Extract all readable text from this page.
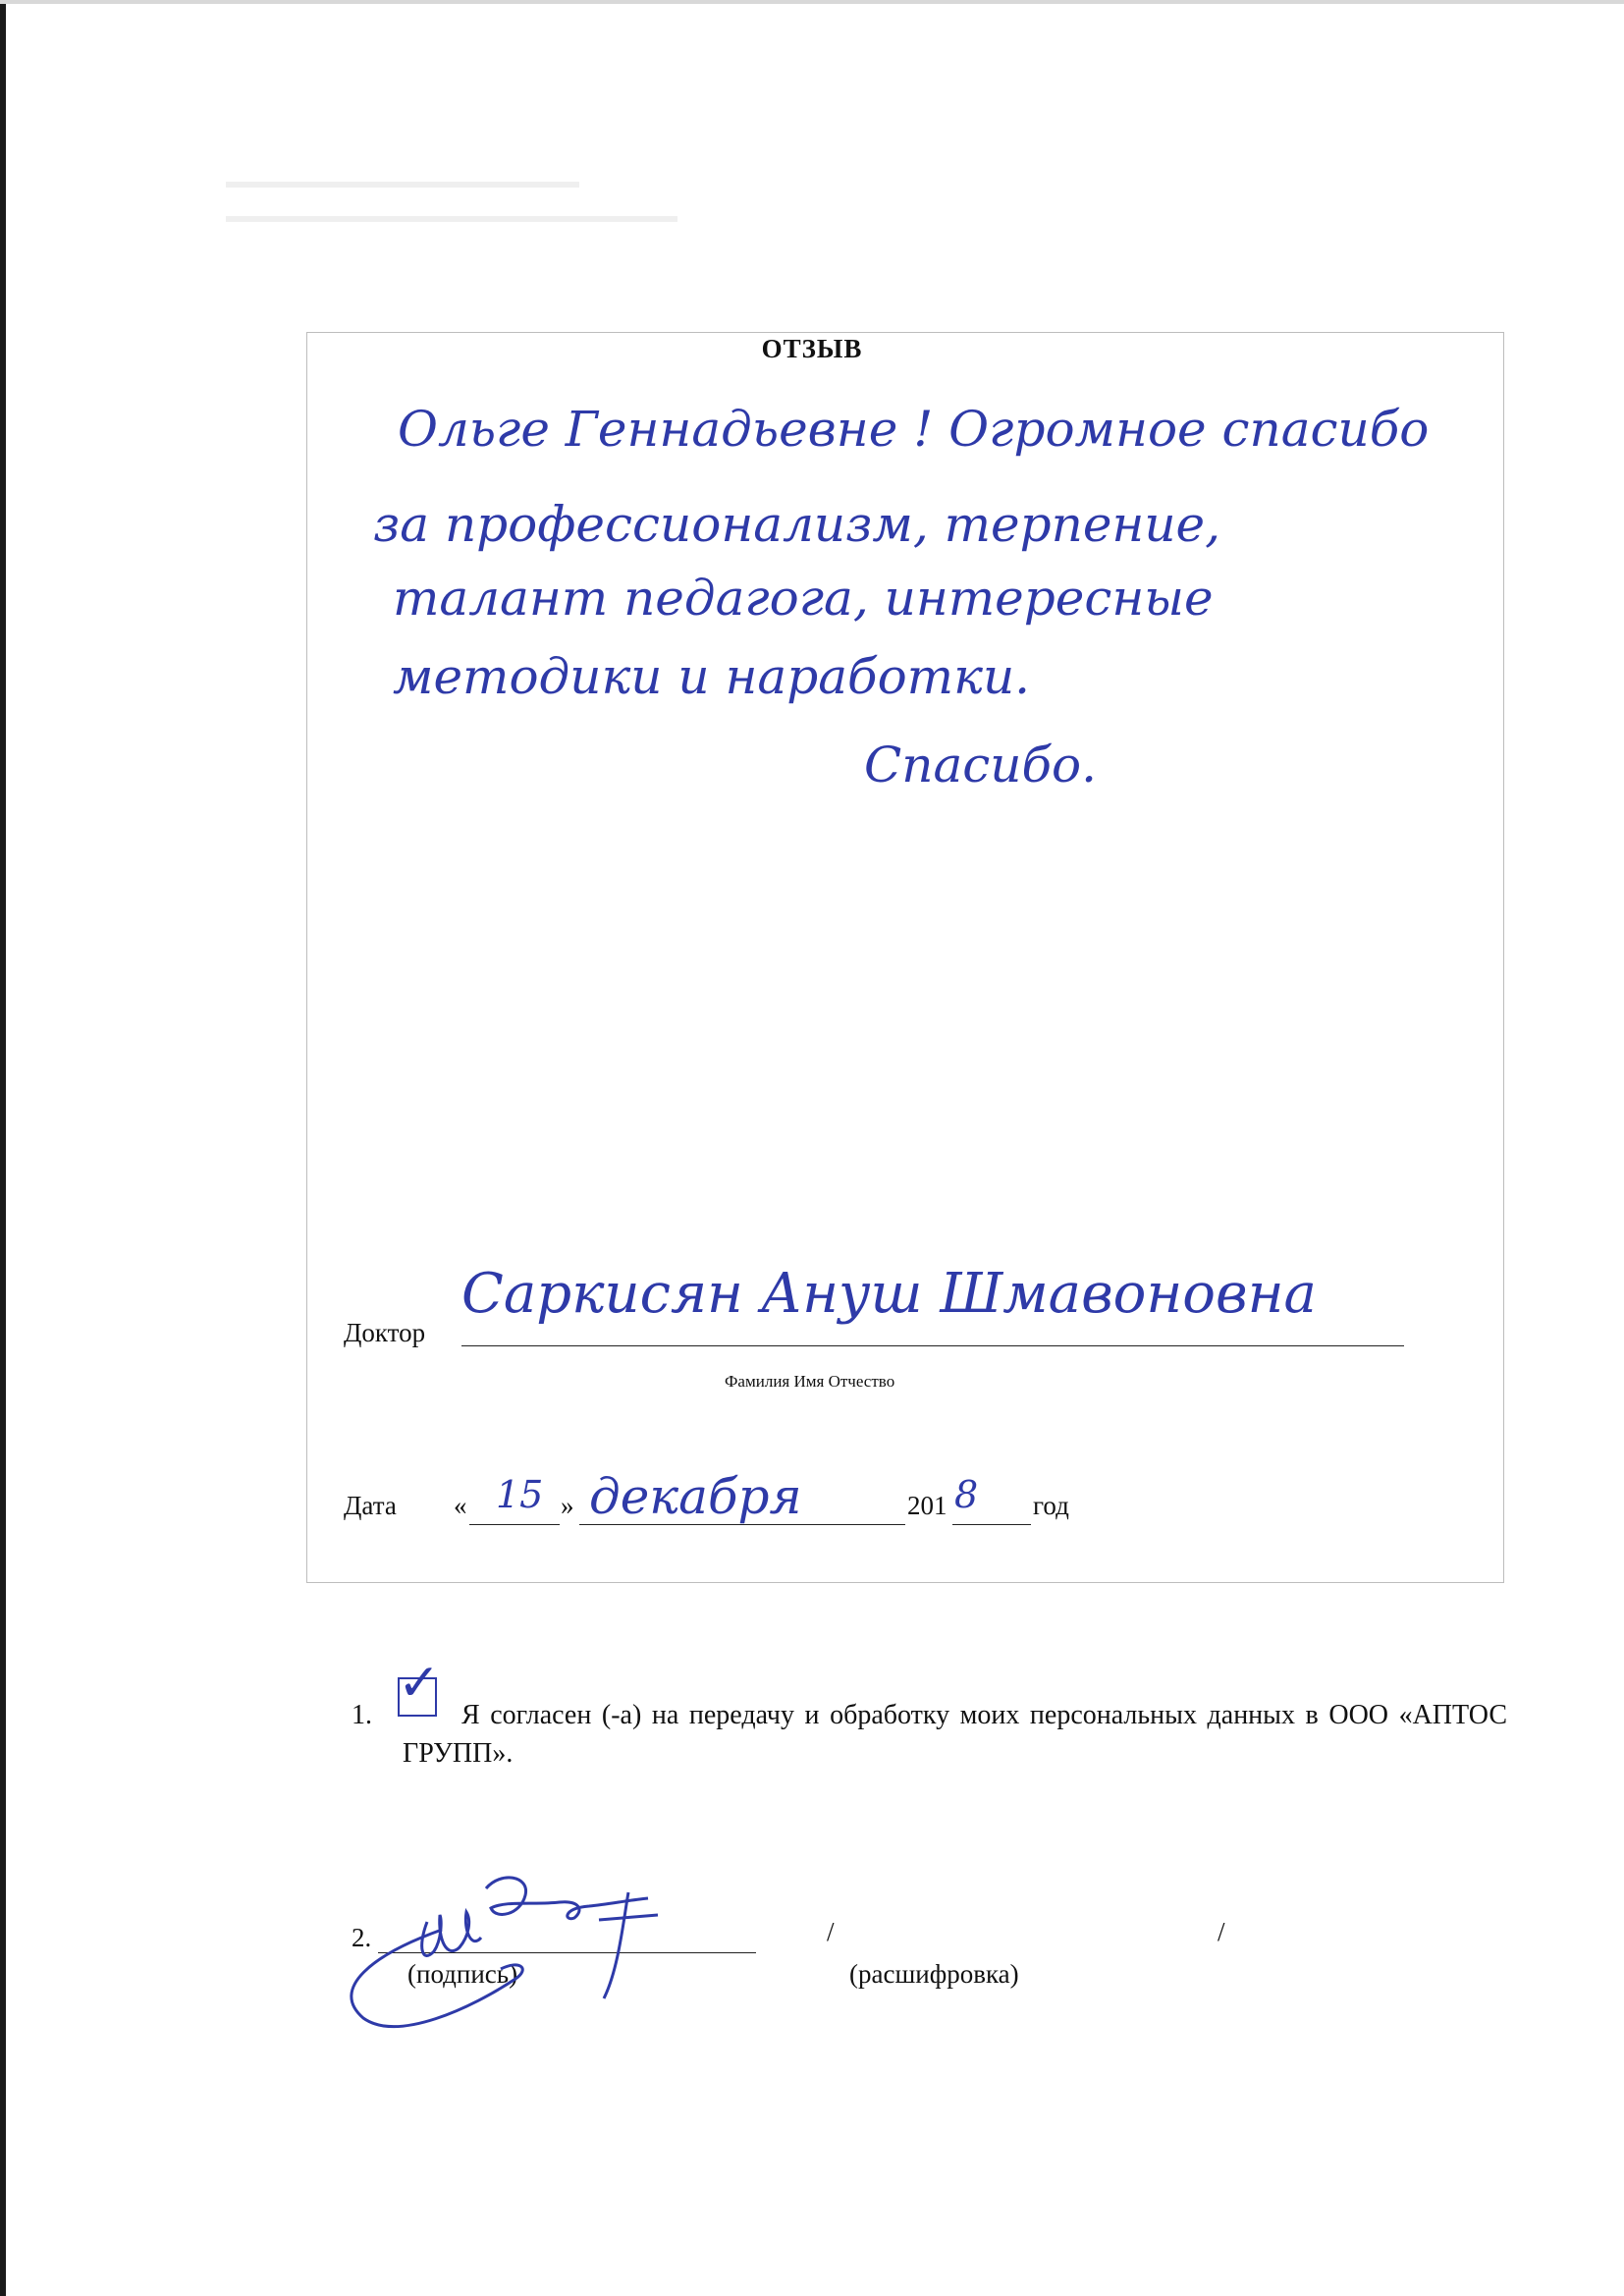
ОТЗЫВ
Ольге Геннадьевне ! Огромное спасибо
за профессионализм, терпение,
талант педагога, интересные
методики и наработки.
Спасибо.
Доктор
Саркисян Ануш Шмавоновна
Фамилия Имя Отчество
Дата « 15 » декабря	201 8 год
✓
1.	Я согласен (-а) на передачу и обработку моих персональных данных в ООО «АПТОС ГРУПП».
2.
(подпись)
/	/
(расшифровка)
